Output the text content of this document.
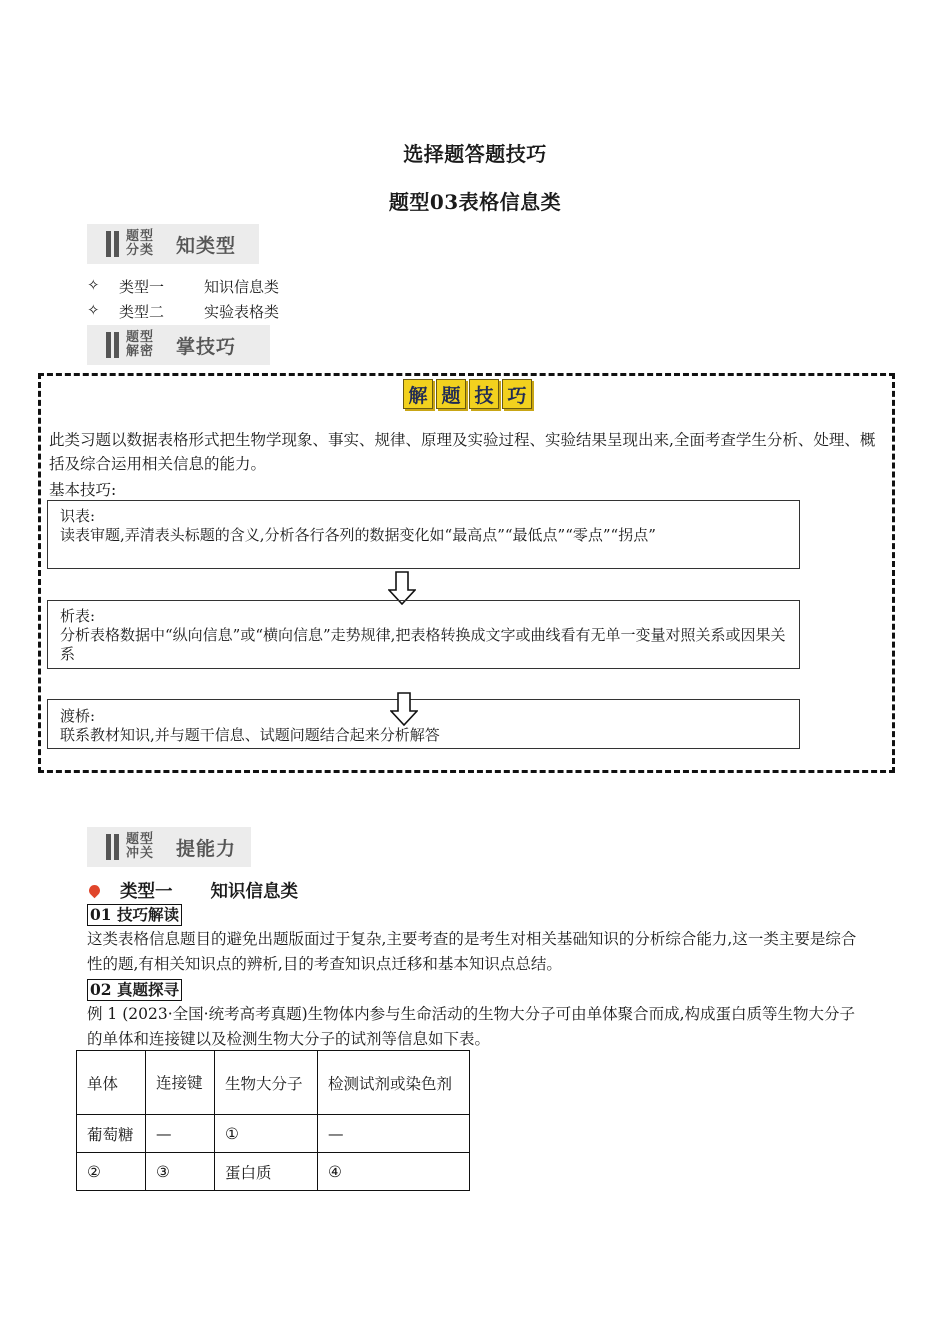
选择题答题技巧
题型03表格信息类
题型分类 知类型
✧	类型一	知识信息类
✧	类型二	实验表格类
题型解密 掌技巧
解 题 技 巧
此类习题以数据表格形式把生物学现象、事实、规律、原理及实验过程、实验结果呈现出来,全面考查学生分析、处理、概括及综合运用相关信息的能力。
基本技巧:
识表:
读表审题,弄清表头标题的含义,分析各行各列的数据变化如“最高点”“最低点”“零点”“拐点”
析表:
分析表格数据中“纵向信息”或“横向信息”走势规律,把表格转换成文字或曲线看有无单一变量对照关系或因果关系
渡桥:
联系教材知识,并与题干信息、试题问题结合起来分析解答
题型冲关 提能力
类型一 知识信息类
01 技巧解读
这类表格信息题目的避免出题版面过于复杂,主要考查的是考生对相关基础知识的分析综合能力,这一类主要是综合性的题,有相关知识点的辨析,目的考查知识点迁移和基本知识点总结。
02 真题探寻
例 1 (2023·全国·统考高考真题)生物体内参与生命活动的生物大分子可由单体聚合而成,构成蛋白质等生物大分子的单体和连接键以及检测生物大分子的试剂等信息如下表。
单体	连接键	生物大分子	检测试剂或染色剂
葡萄糖	—	①	—
②	③	蛋白质	④
